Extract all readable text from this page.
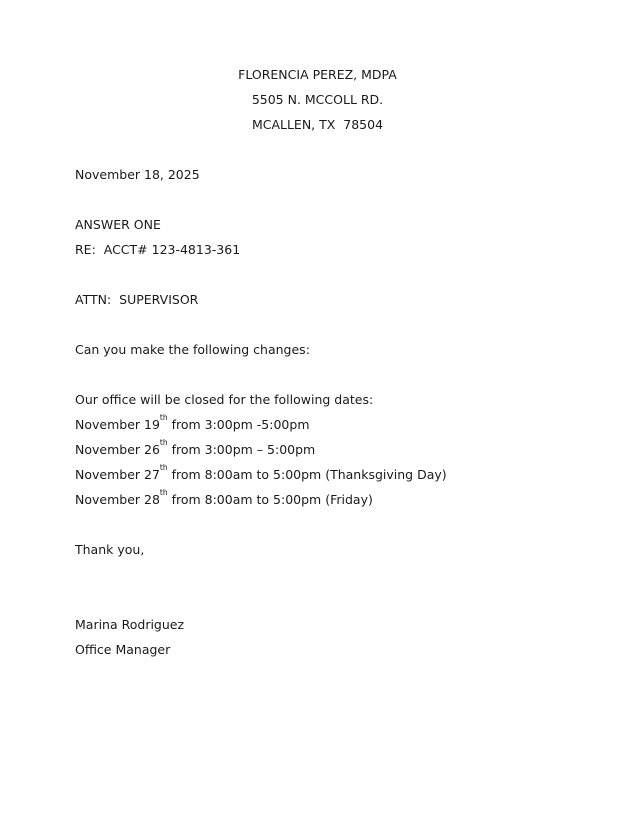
FLORENCIA PEREZ, MDPA

5505 N. MCCOLL RD.

MCALLEN, TX  78504

November 18, 2025

ANSWER ONE

RE:  ACCT# 123-4813-361

ATTN:  SUPERVISOR

Can you make the following changes:

Our office will be closed for the following dates:

November 19th from 3:00pm -5:00pm

November 26th from 3:00pm – 5:00pm

November 27th from 8:00am to 5:00pm (Thanksgiving Day)

November 28th from 8:00am to 5:00pm (Friday)

Thank you,

Marina Rodriguez

Office Manager
